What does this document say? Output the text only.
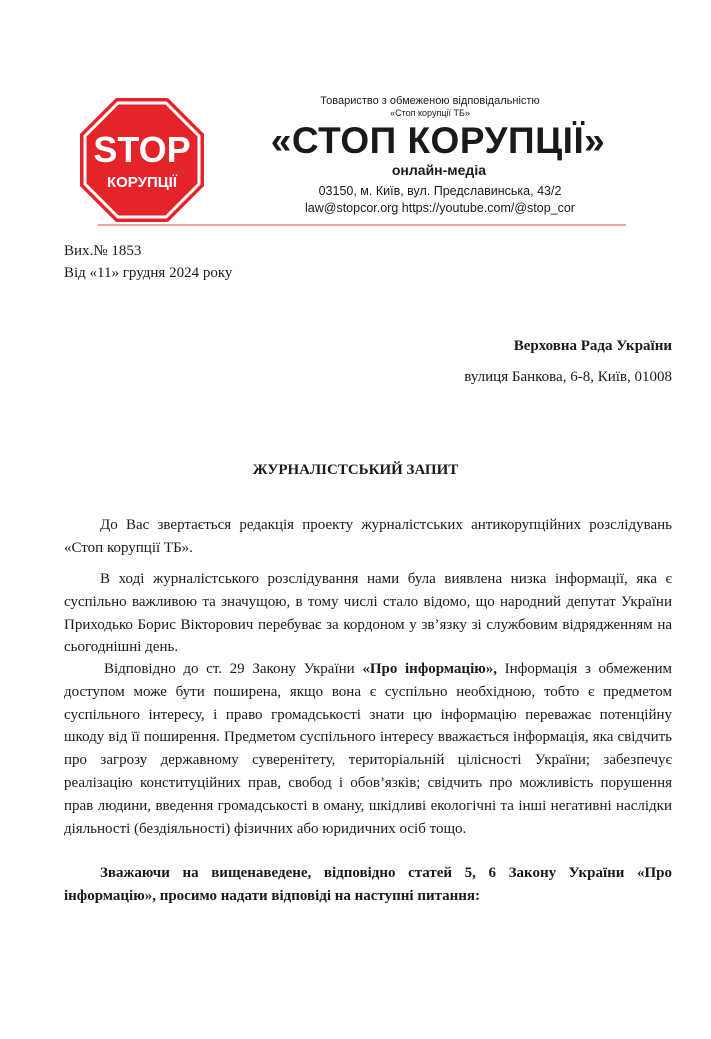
STOP
КОРУПЦІЇ
Товариство з обмеженою відповідальністю
«Стоп корупції ТБ»
«СТОП КОРУПЦІЇ»
онлайн-медіа
03150, м. Київ, вул. Предславинська, 43/2
law@stopcor.org https://youtube.com/@stop_cor
Вих.№ 1853
Від «11» грудня 2024 року
Верховна Рада України
вулиця Банкова, 6-8, Київ, 01008
ЖУРНАЛІСТСЬКИЙ ЗАПИТ

До Вас звертається редакція проекту журналістських антикорупційних розслідувань «Стоп корупції ТБ».

В ході журналістського розслідування нами була виявлена низка інформації, яка є суспільно важливою та значущою, в тому числі стало відомо, що народний депутат України Приходько Борис Вікторович перебуває за кордоном у зв’язку зі службовим відрядженням на сьогоднішні день.

Відповідно до ст. 29 Закону України «Про інформацію», Інформація з обмеженим доступом може бути поширена, якщо вона є суспільно необхідною, тобто є предметом суспільного інтересу, і право громадськості знати цю інформацію переважає потенційну шкоду від її поширення. Предметом суспільного інтересу вважається інформація, яка свідчить про загрозу державному суверенітету, територіальній цілісності України; забезпечує реалізацію конституційних прав, свобод і обов’язків; свідчить про можливість порушення прав людини, введення громадськості в оману, шкідливі екологічні та інші негативні наслідки діяльності (бездіяльності) фізичних або юридичних осіб тощо.

Зважаючи на вищенаведене, відповідно статей 5, 6 Закону України «Про інформацію», просимо надати відповіді на наступні питання:
